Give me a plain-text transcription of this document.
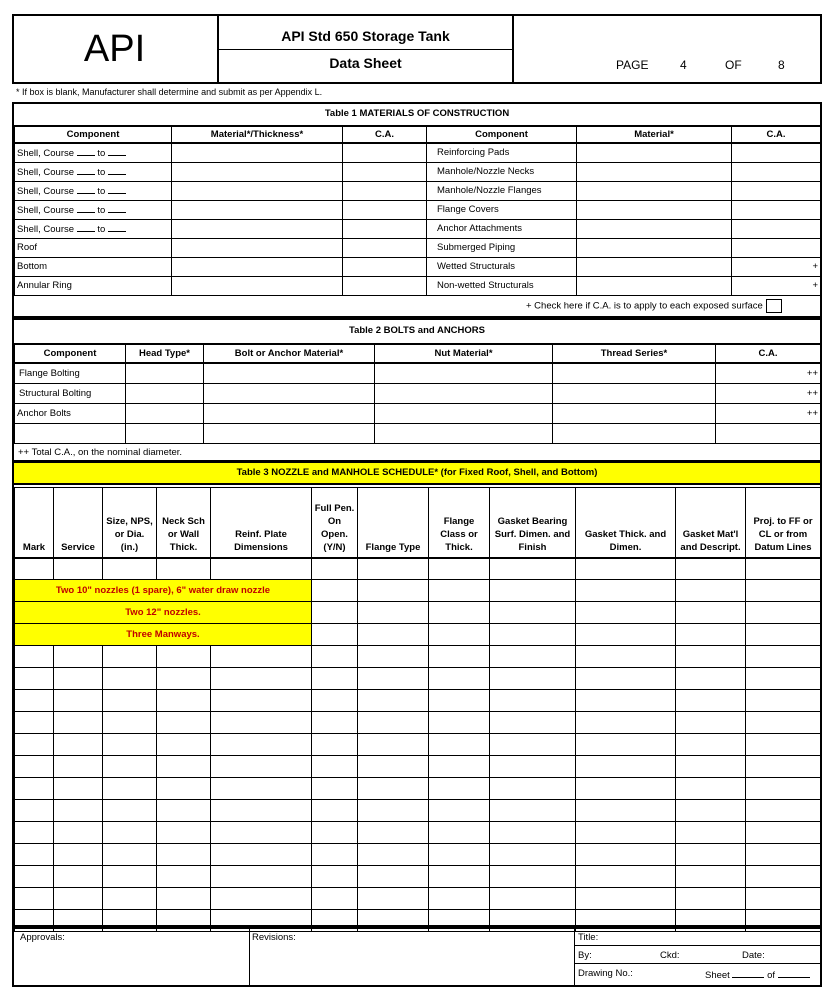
API	API Std 650 Storage Tank
Data Sheet	PAGE	4	OF	8
* If box is blank, Manufacturer shall determine and submit as per Appendix L.
Table 1 MATERIALS OF CONSTRUCTION
Component	Material*/Thickness*	C.A.	Component	Material*	C.A.
Shell, Course to			Reinforcing Pads		
Shell, Course to			Manhole/Nozzle Necks		
Shell, Course to			Manhole/Nozzle Flanges		
Shell, Course to			Flange Covers		
Shell, Course to			Anchor Attachments		
Roof			Submerged Piping		
Bottom			Wetted Structurals		+
Annular Ring			Non-wetted Structurals		+
+ Check here if C.A. is to apply to each exposed surface
Table 2 BOLTS and ANCHORS
Component	Head Type*	Bolt or Anchor Material*	Nut Material*	Thread Series*	C.A.
Flange Bolting					++
Structural Bolting					++
Anchor Bolts					++

++ Total C.A., on the nominal diameter.
Table 3 NOZZLE and MANHOLE SCHEDULE* (for Fixed Roof, Shell, and Bottom)
Mark	Service	Size, NPS, or Dia. (in.)	Neck Sch or Wall Thick.	Reinf. Plate Dimensions	Full Pen. On Open. (Y/N)	Flange Type	Flange Class or Thick.	Gasket Bearing Surf. Dimen. and Finish	Gasket Thick. and Dimen.	Gasket Mat'l and Descript.	Proj. to FF or CL or from Datum Lines

Two 10" nozzles (1 spare), 6" water draw nozzle											
Two 12" nozzles.											
Three Manways.											

Approvals:	Revisions:	Title:
By:	Ckd:	Date:
Drawing No.:	Sheet	of
